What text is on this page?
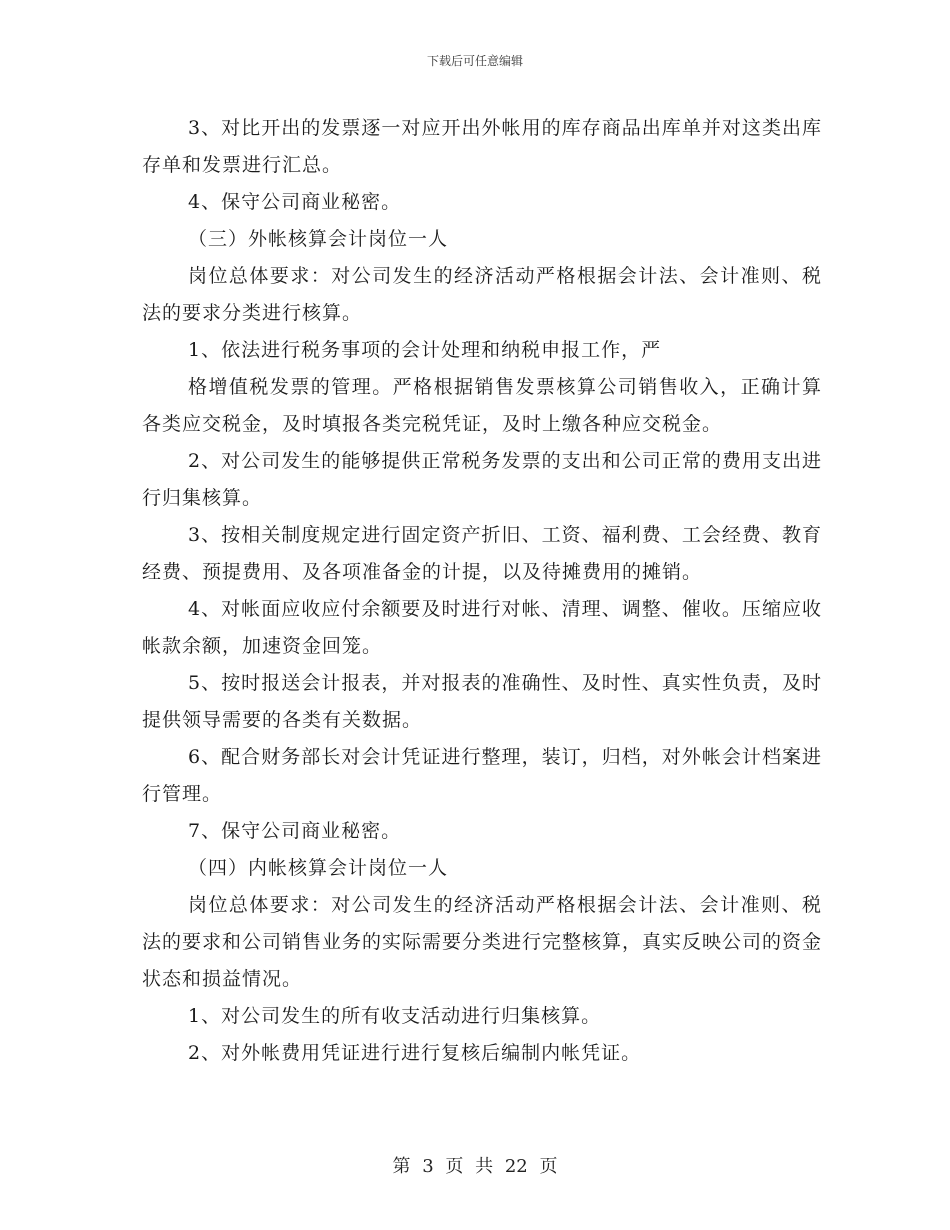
下载后可任意编辑

3、对比开出的发票逐一对应开出外帐用的库存商品出库单并对这类出库存单和发票进行汇总。

4、保守公司商业秘密。

（三）外帐核算会计岗位一人

岗位总体要求：对公司发生的经济活动严格根据会计法、会计准则、税法的要求分类进行核算。

1、依法进行税务事项的会计处理和纳税申报工作，严

格增值税发票的管理。严格根据销售发票核算公司销售收入，正确计算各类应交税金，及时填报各类完税凭证，及时上缴各种应交税金。

2、对公司发生的能够提供正常税务发票的支出和公司正常的费用支出进行归集核算。

3、按相关制度规定进行固定资产折旧、工资、福利费、工会经费、教育经费、预提费用、及各项准备金的计提，以及待摊费用的摊销。

4、对帐面应收应付余额要及时进行对帐、清理、调整、催收。压缩应收帐款余额，加速资金回笼。

5、按时报送会计报表，并对报表的准确性、及时性、真实性负责，及时提供领导需要的各类有关数据。

6、配合财务部长对会计凭证进行整理，装订，归档，对外帐会计档案进行管理。

7、保守公司商业秘密。

（四）内帐核算会计岗位一人

岗位总体要求：对公司发生的经济活动严格根据会计法、会计准则、税法的要求和公司销售业务的实际需要分类进行完整核算，真实反映公司的资金状态和损益情况。

1、对公司发生的所有收支活动进行归集核算。

2、对外帐费用凭证进行进行复核后编制内帐凭证。

第 3 页 共 22 页
